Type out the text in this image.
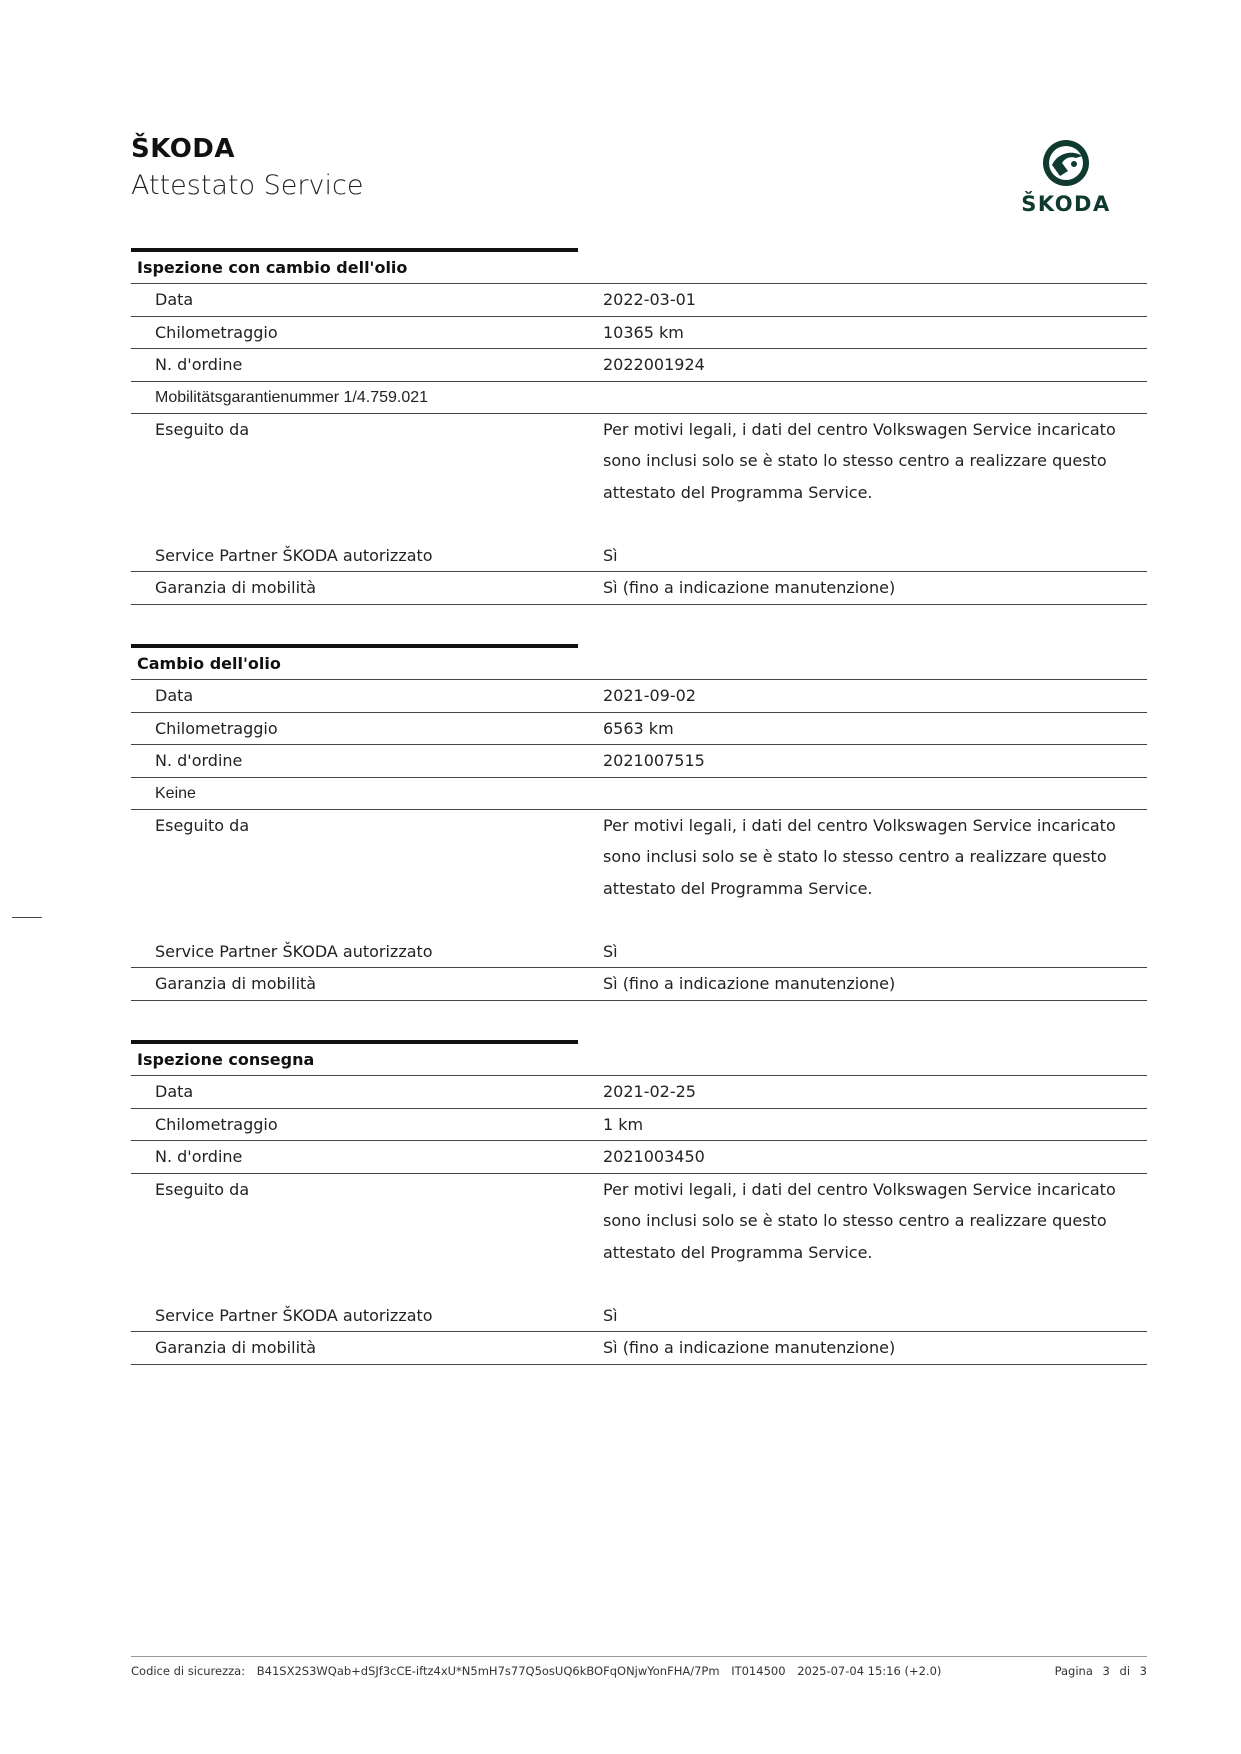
ŠKODA
Attestato Service
ŠKODA
Ispezione con cambio dell'olio
Data	2022-03-01
Chilometraggio	10365 km
N. d'ordine	2022001924
Mobilitätsgarantienummer 1/4.759.021
Eseguito da	Per motivi legali, i dati del centro Volkswagen Service incaricato sono inclusi solo se è stato lo stesso centro a realizzare questo attestato del Programma Service.
Service Partner ŠKODA autorizzato	Sì
Garanzia di mobilità	Sì (fino a indicazione manutenzione)
Cambio dell'olio
Data	2021-09-02
Chilometraggio	6563 km
N. d'ordine	2021007515
Keine
Eseguito da	Per motivi legali, i dati del centro Volkswagen Service incaricato sono inclusi solo se è stato lo stesso centro a realizzare questo attestato del Programma Service.
Service Partner ŠKODA autorizzato	Sì
Garanzia di mobilità	Sì (fino a indicazione manutenzione)
Ispezione consegna
Data	2021-02-25
Chilometraggio	1 km
N. d'ordine	2021003450
Eseguito da	Per motivi legali, i dati del centro Volkswagen Service incaricato sono inclusi solo se è stato lo stesso centro a realizzare questo attestato del Programma Service.
Service Partner ŠKODA autorizzato	Sì
Garanzia di mobilità	Sì (fino a indicazione manutenzione)
Codice di sicurezza: B41SX2S3WQab+dSJf3cCE-iftz4xU*N5mH7s77Q5osUQ6kBOFqONjwYonFHA/7Pm IT014500 2025-07-04 15:16 (+2.0)	Pagina 3 di 3
